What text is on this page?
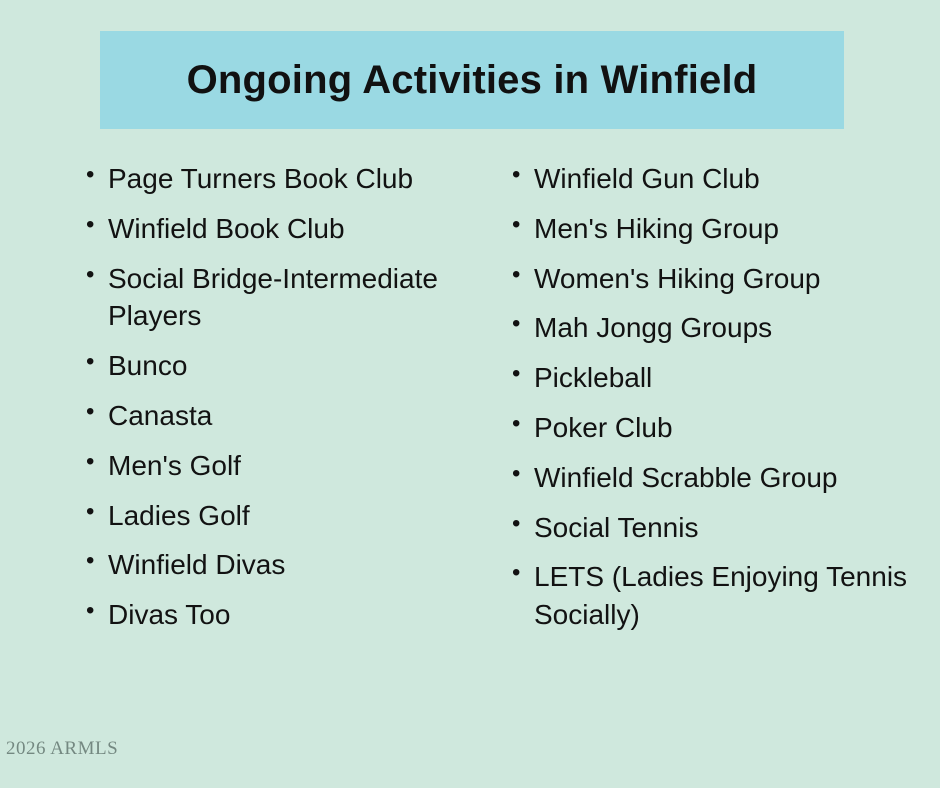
Ongoing Activities in Winfield
• Page Turners Book Club
• Winfield Book Club
• Social Bridge-Intermediate Players
• Bunco
• Canasta
• Men's Golf
• Ladies Golf
• Winfield Divas
• Divas Too
• Winfield Gun Club
• Men's Hiking Group
• Women's Hiking Group
• Mah Jongg Groups
• Pickleball
• Poker Club
• Winfield Scrabble Group
• Social Tennis
• LETS (Ladies Enjoying Tennis Socially)
2026 ARMLS
